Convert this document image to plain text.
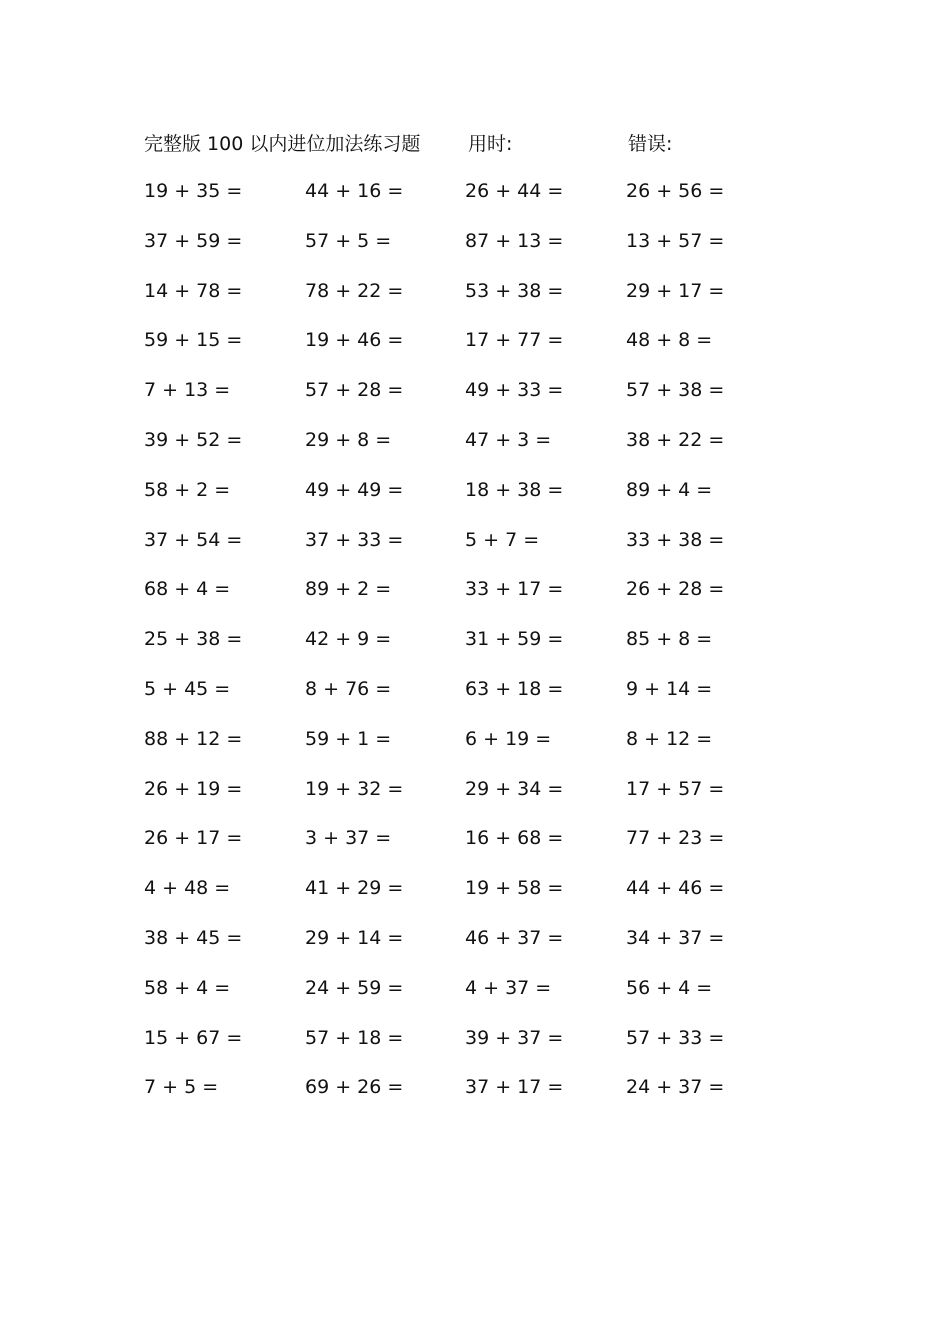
完整版 100 以内进位加法练习题	用时:	错误:
19 + 35 =
37 + 59 =
14 + 78 =
59 + 15 =
7 + 13 =
39 + 52 =
58 + 2 =
37 + 54 =
68 + 4 =
25 + 38 =
5 + 45 =
88 + 12 =
26 + 19 =
26 + 17 =
4 + 48 =
38 + 45 =
58 + 4 =
15 + 67 =
7 + 5 =
44 + 16 =
57 + 5 =
78 + 22 =
19 + 46 =
57 + 28 =
29 + 8 =
49 + 49 =
37 + 33 =
89 + 2 =
42 + 9 =
8 + 76 =
59 + 1 =
19 + 32 =
3 + 37 =
41 + 29 =
29 + 14 =
24 + 59 =
57 + 18 =
69 + 26 =
26 + 44 =
87 + 13 =
53 + 38 =
17 + 77 =
49 + 33 =
47 + 3 =
18 + 38 =
5 + 7 =
33 + 17 =
31 + 59 =
63 + 18 =
6 + 19 =
29 + 34 =
16 + 68 =
19 + 58 =
46 + 37 =
4 + 37 =
39 + 37 =
37 + 17 =
26 + 56 =
13 + 57 =
29 + 17 =
48 + 8 =
57 + 38 =
38 + 22 =
89 + 4 =
33 + 38 =
26 + 28 =
85 + 8 =
9 + 14 =
8 + 12 =
17 + 57 =
77 + 23 =
44 + 46 =
34 + 37 =
56 + 4 =
57 + 33 =
24 + 37 =
